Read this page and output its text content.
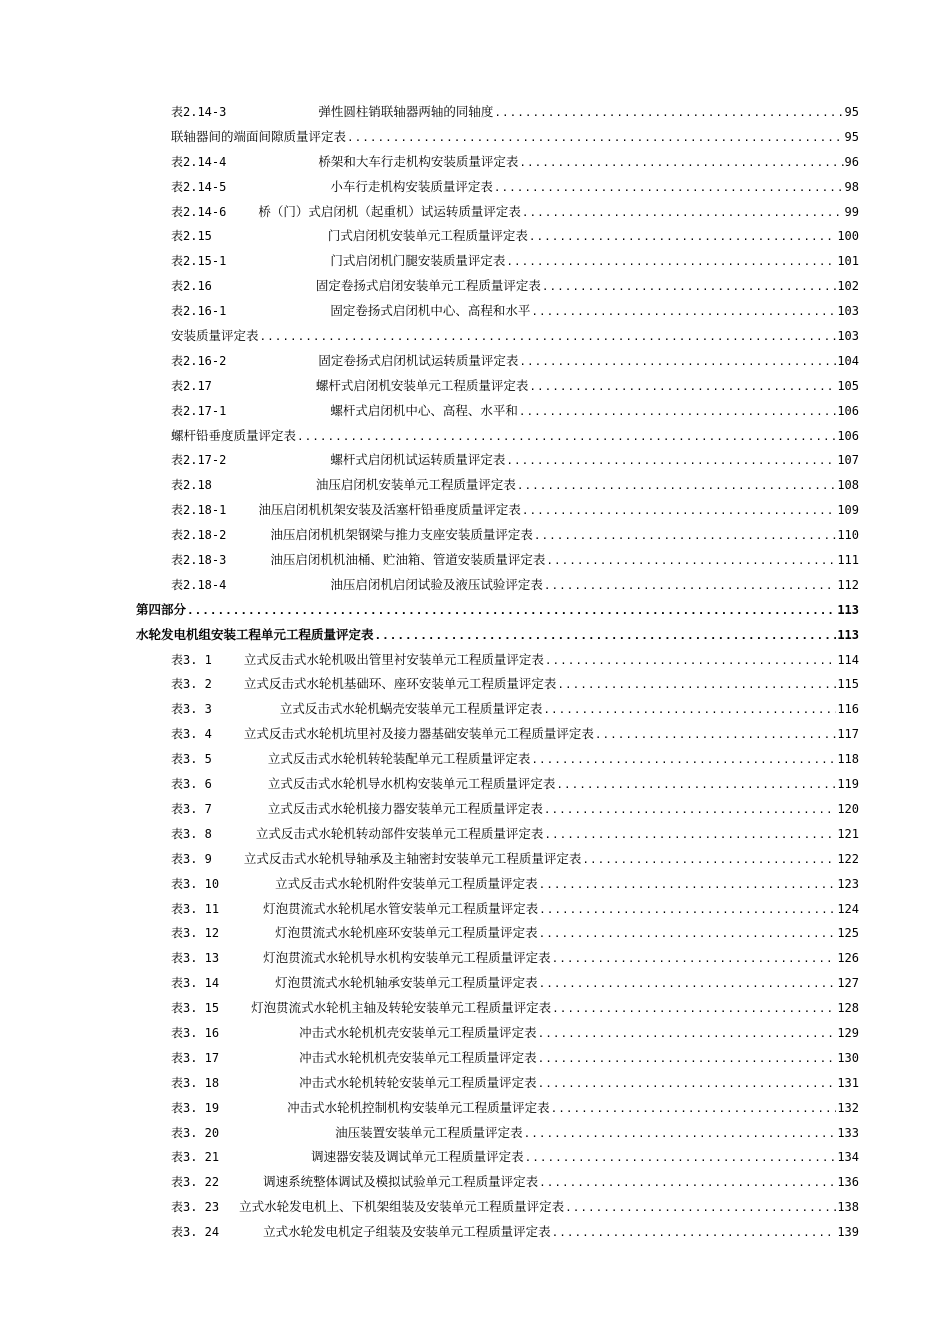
表2.14-3	弹性圆柱销联轴器两轴的同轴度 .....	95
联轴器间的端面间隙质量评定表 .....	95
表2.14-4	桥架和大车行走机构安装质量评定表 .....	96
表2.14-5	小车行走机构安装质量评定表 .....	98
表2.14-6	桥（门）式启闭机（起重机）试运转质量评定表 .....	99
表2.15	门式启闭机安装单元工程质量评定表 .....	100
表2.15-1	门式启闭机门腿安装质量评定表 .....	101
表2.16	固定卷扬式启闭安装单元工程质量评定表 .....	102
表2.16-1	固定卷扬式启闭机中心、高程和水平 .....	103
安装质量评定表 .....	103
表2.16-2	固定卷扬式启闭机试运转质量评定表 .....	104
表2.17	螺杆式启闭机安装单元工程质量评定表 .....	105
表2.17-1	螺杆式启闭机中心、高程、水平和 .....	106
螺杆铅垂度质量评定表 .....	106
表2.17-2	螺杆式启闭机试运转质量评定表 .....	107
表2.18	油压启闭机安装单元工程质量评定表 .....	108
表2.18-1	油压启闭机机架安装及活塞杆铅垂度质量评定表 .....	109
表2.18-2	油压启闭机机架钢梁与推力支座安装质量评定表 .....	110
表2.18-3	油压启闭机机油桶、贮油箱、管道安装质量评定表 .....	111
表2.18-4	油压启闭机启闭试验及液压试验评定表 .....	112
第四部分 .....	113
水轮发电机组安装工程单元工程质量评定表 .....	113
表3. 1	立式反击式水轮机吸出管里衬安装单元工程质量评定表 .....	114
表3. 2	立式反击式水轮机基础环、座环安装单元工程质量评定表 .....	115
表3. 3	立式反击式水轮机蜗壳安装单元工程质量评定表 .....	116
表3. 4	立式反击式水轮机坑里衬及接力器基础安装单元工程质量评定表 .....	117
表3. 5	立式反击式水轮机转轮装配单元工程质量评定表 .....	118
表3. 6	立式反击式水轮机导水机构安装单元工程质量评定表 .....	119
表3. 7	立式反击式水轮机接力器安装单元工程质量评定表 .....	120
表3. 8	立式反击式水轮机转动部件安装单元工程质量评定表 .....	121
表3. 9	立式反击式水轮机导轴承及主轴密封安装单元工程质量评定表 .....	122
表3. 10	立式反击式水轮机附件安装单元工程质量评定表 .....	123
表3. 11	灯泡贯流式水轮机尾水管安装单元工程质量评定表 .....	124
表3. 12	灯泡贯流式水轮机座环安装单元工程质量评定表 .....	125
表3. 13	灯泡贯流式水轮机导水机构安装单元工程质量评定表 .....	126
表3. 14	灯泡贯流式水轮机轴承安装单元工程质量评定表 .....	127
表3. 15	灯泡贯流式水轮机主轴及转轮安装单元工程质量评定表 .....	128
表3. 16	冲击式水轮机机壳安装单元工程质量评定表 .....	129
表3. 17	冲击式水轮机机壳安装单元工程质量评定表 .....	130
表3. 18	冲击式水轮机转轮安装单元工程质量评定表 .....	131
表3. 19	冲击式水轮机控制机构安装单元工程质量评定表 .....	132
表3. 20	油压装置安装单元工程质量评定表 .....	133
表3. 21	调速器安装及调试单元工程质量评定表 .....	134
表3. 22	调速系统整体调试及模拟试验单元工程质量评定表 .....	136
表3. 23 立式水轮发电机上、下机架组装及安装单元工程质量评定表 .....	138
表3. 24	立式水轮发电机定子组装及安装单元工程质量评定表 .....	139
